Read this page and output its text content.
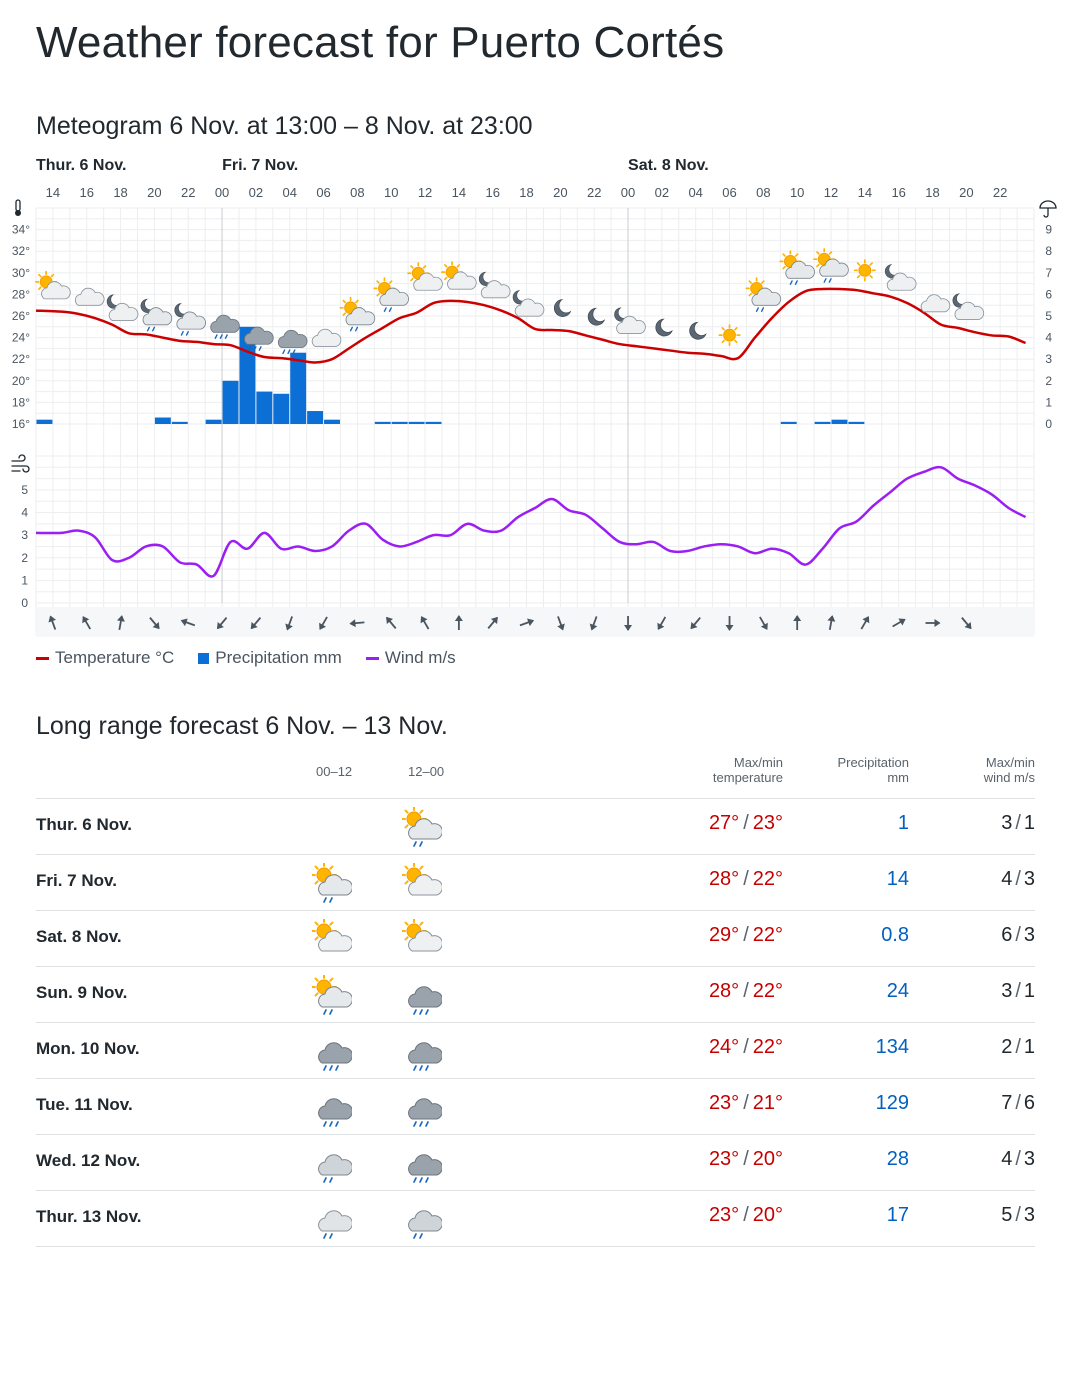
Weather forecast for Puerto Cortés
Meteogram 6 Nov. at 13:00 – 8 Nov. at 23:00
Thur. 6 Nov.	Fri. 7 Nov.	Sat. 8 Nov.
14 16 18 20 22 00 02 04 06 08 10 12 14 16 18 20 22 00 02 04 06 08 10 12 14 16 18 20 22
34°
32°
30°
28°
26°
24°
22°
20°
18°
16°
9
8
7
6
5
4
3
2
1
0
5
4
3
2
1
0
Temperature °C Precipitation mm	Wind m/s
Long range forecast 6 Nov. – 13 Nov.
00–12	12–00
Max/min
temperature
Precipitation
mm
Max/min
wind m/s
Thur. 6 Nov.	27° / 23°	1	3 / 1
Fri. 7 Nov.	28° / 22°	14	4 / 3
Sat. 8 Nov.	29° / 22°	0.8	6 / 3
Sun. 9 Nov.	28° / 22°	24	3 / 1
Mon. 10 Nov.	24° / 22°	134	2 / 1
Tue. 11 Nov.	23° / 21°	129	7 / 6
Wed. 12 Nov.	23° / 20°	28	4 / 3
Thur. 13 Nov.	23° / 20°	17	5 / 3
